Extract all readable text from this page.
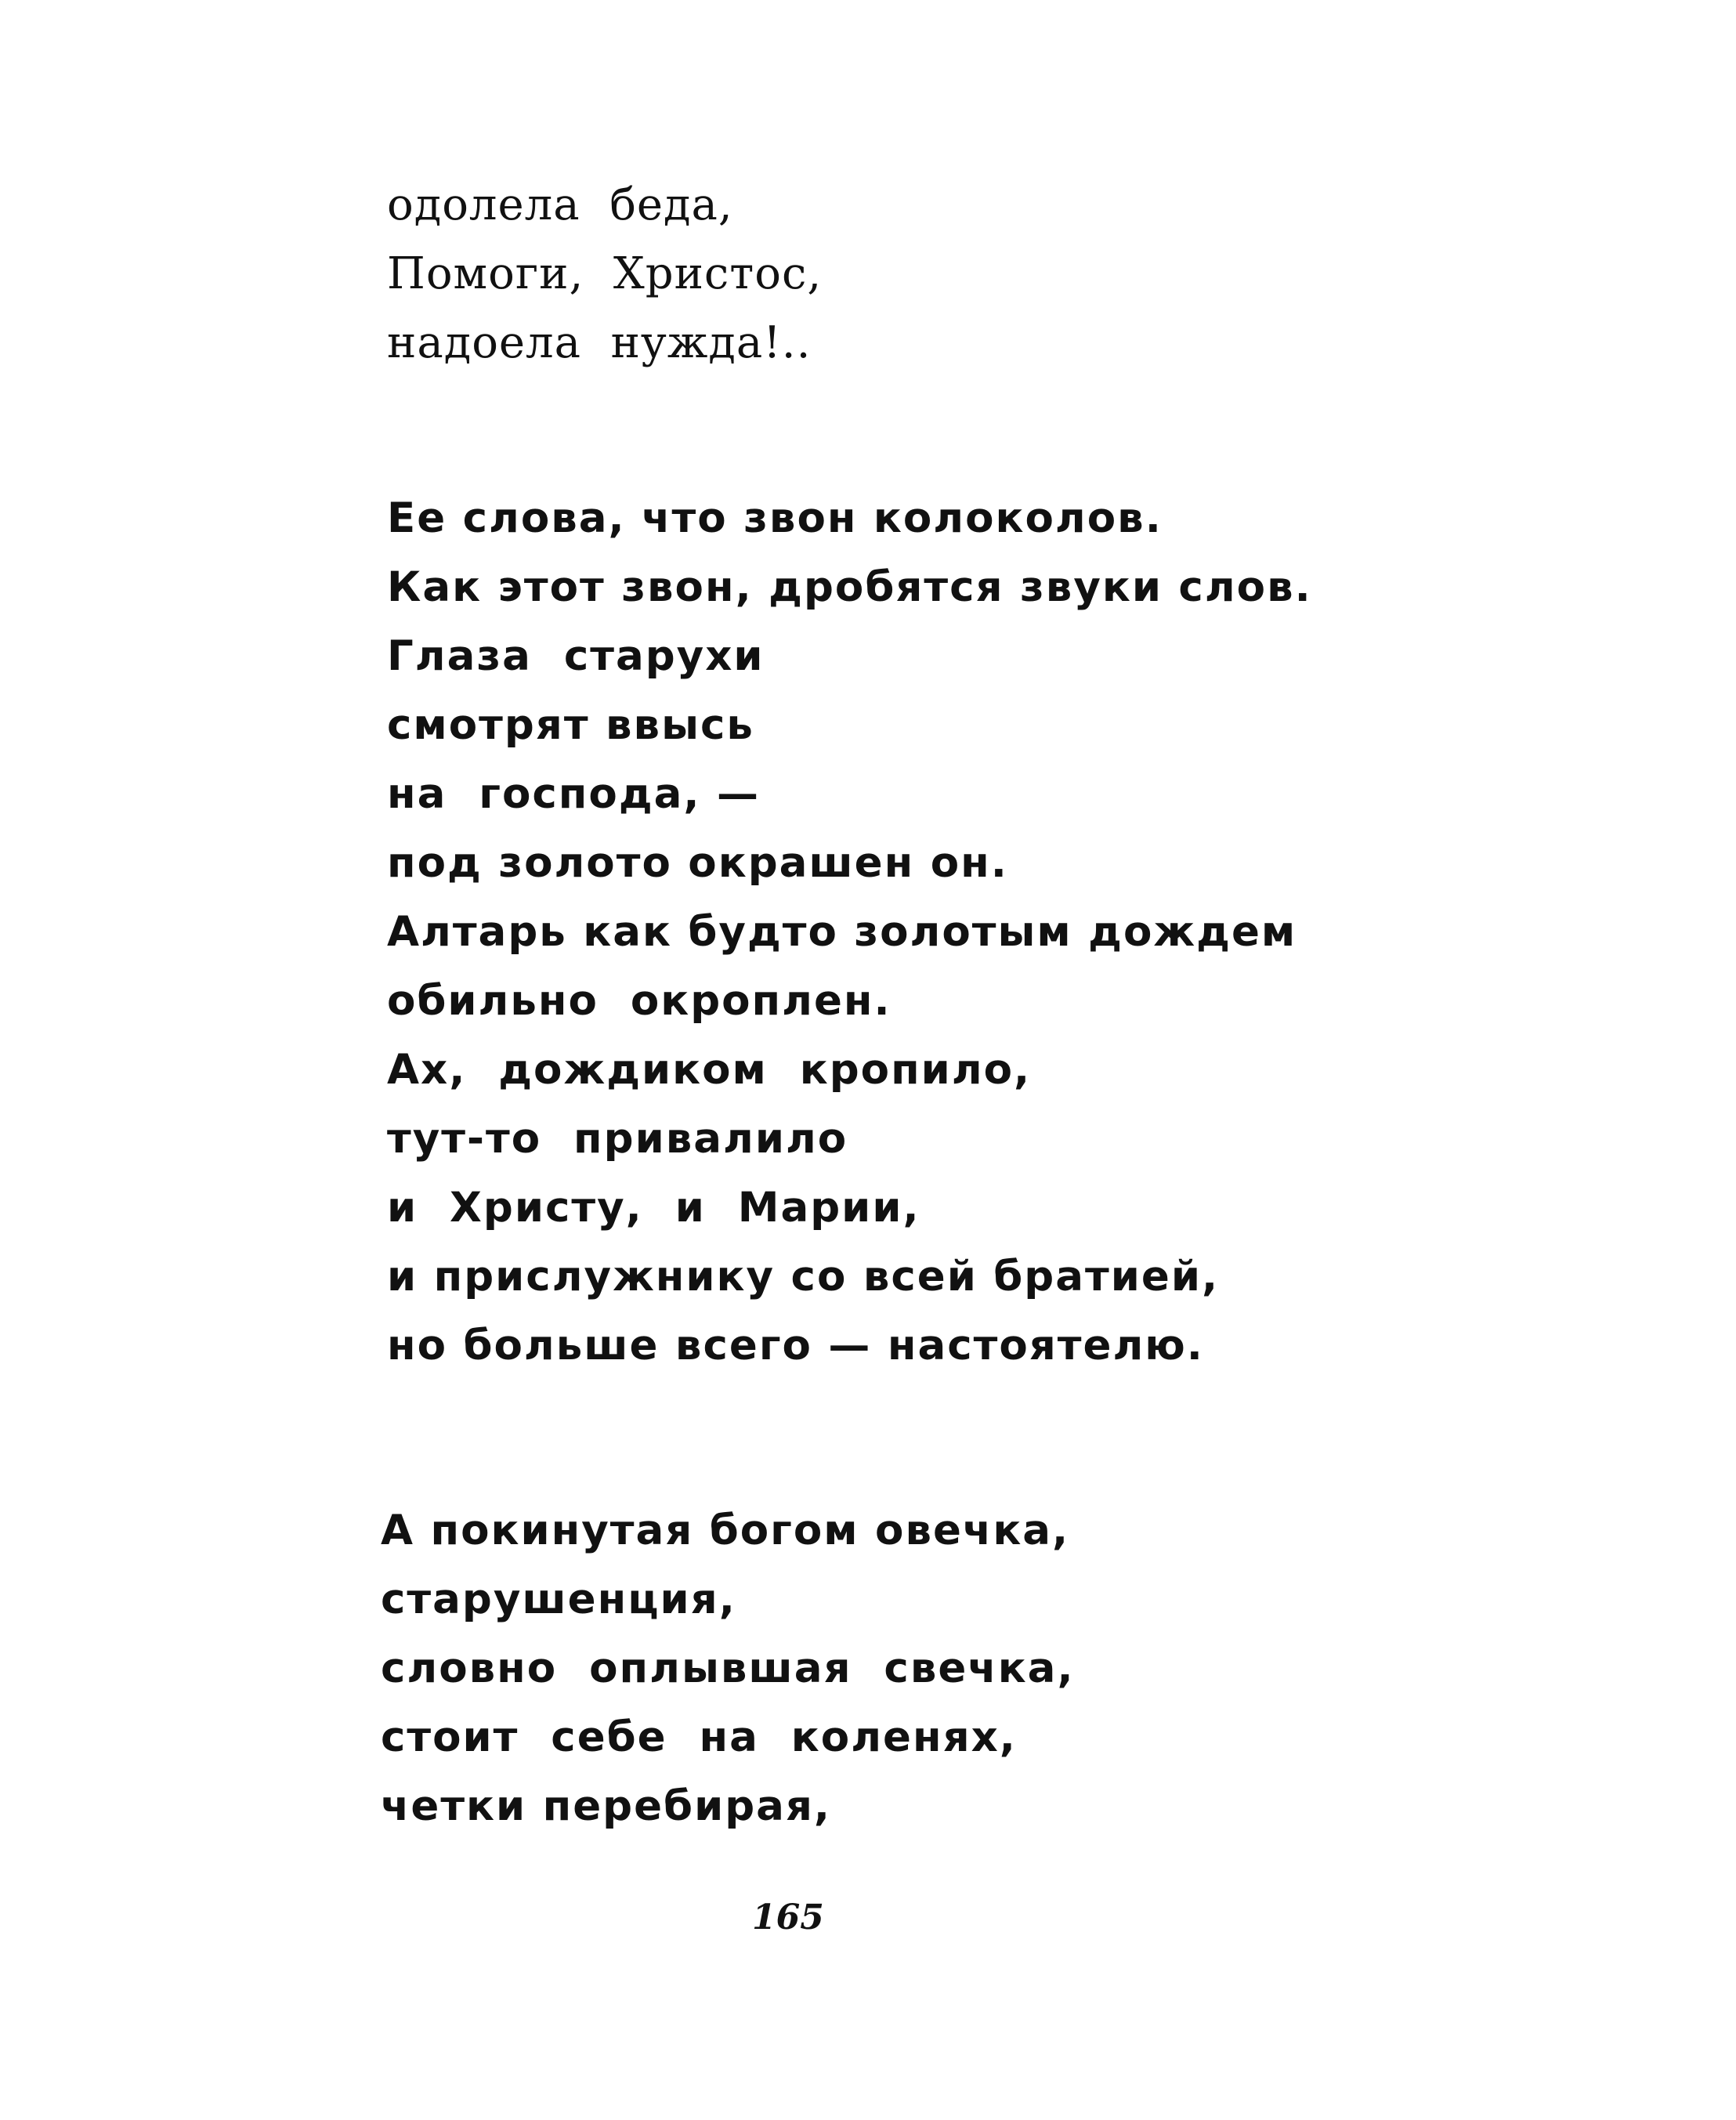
одолела  беда,
Помоги,  Христос,
надоела  нужда!..
Ее слова, что звон колоколов.
Как этот звон, дробятся звуки слов.
Глаза  старухи
смотрят ввысь
на  господа, —
под золото окрашен он.
Алтарь как будто золотым дождем
обильно  окроплен.
Ах,  дождиком  кропило,
тут-то  привалило
и  Христу,  и  Марии,
и прислужнику со всей братией,
но больше всего — настоятелю.
А покинутая богом овечка,
старушенция,
словно  оплывшая  свечка,
стоит  себе  на  коленях,
четки перебирая,
165
